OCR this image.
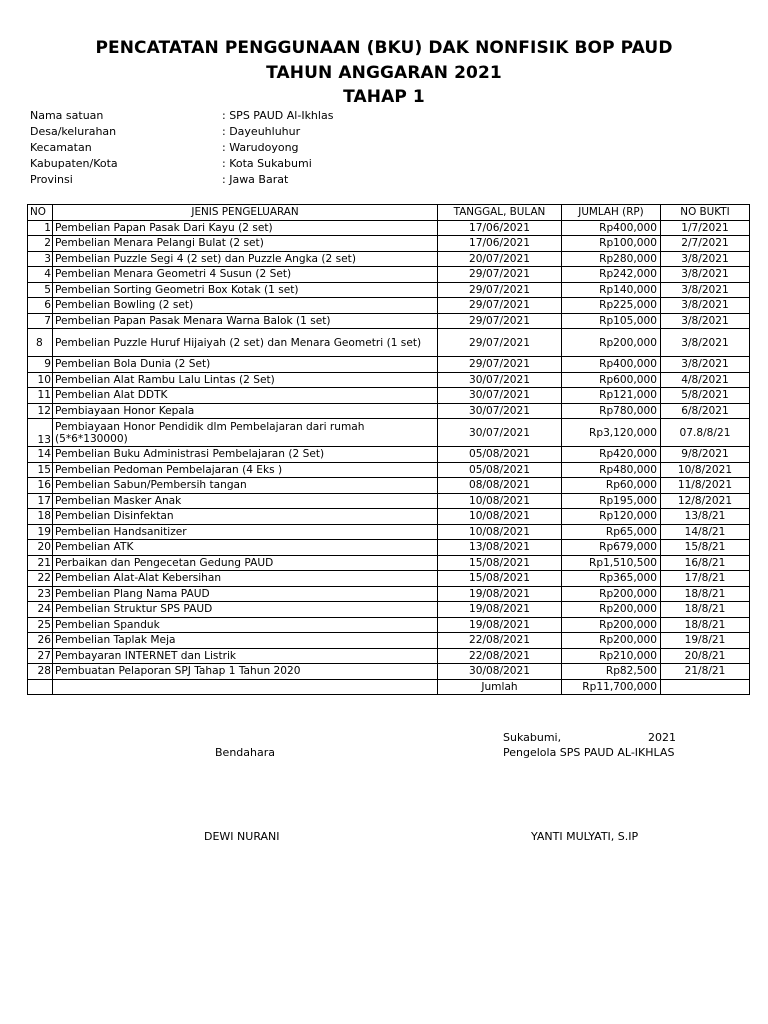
PENCATATAN PENGGUNAAN (BKU) DAK NONFISIK BOP PAUD
TAHUN ANGGARAN 2021
TAHAP 1
Nama satuan	: SPS PAUD Al-Ikhlas
Desa/kelurahan	: Dayeuhluhur
Kecamatan	: Warudoyong
Kabupaten/Kota	: Kota Sukabumi
Provinsi	: Jawa Barat
NO	JENIS PENGELUARAN	TANGGAL, BULAN	JUMLAH (RP)	NO BUKTI
1	Pembelian Papan Pasak Dari Kayu (2 set)	17/06/2021	Rp400,000	1/7/2021
2	Pembelian Menara Pelangi Bulat (2 set)	17/06/2021	Rp100,000	2/7/2021
3	Pembelian Puzzle Segi 4 (2 set) dan Puzzle Angka (2 set)	20/07/2021	Rp280,000	3/8/2021
4	Pembelian Menara Geometri 4 Susun (2 Set)	29/07/2021	Rp242,000	3/8/2021
5	Pembelian Sorting Geometri Box Kotak (1 set)	29/07/2021	Rp140,000	3/8/2021
6	Pembelian Bowling (2 set)	29/07/2021	Rp225,000	3/8/2021
7	Pembelian Papan Pasak Menara Warna Balok (1 set)	29/07/2021	Rp105,000	3/8/2021
8	Pembelian Puzzle Huruf Hijaiyah (2 set) dan Menara Geometri (1 set)	29/07/2021	Rp200,000	3/8/2021
9	Pembelian Bola Dunia (2 Set)	29/07/2021	Rp400,000	3/8/2021
10	Pembelian Alat Rambu Lalu Lintas (2 Set)	30/07/2021	Rp600,000	4/8/2021
11	Pembelian Alat DDTK	30/07/2021	Rp121,000	5/8/2021
12	Pembiayaan Honor Kepala	30/07/2021	Rp780,000	6/8/2021
13	Pembiayaan Honor Pendidik dlm Pembelajaran dari rumah (5*6*130000)	30/07/2021	Rp3,120,000	07.8/8/21
14	Pembelian Buku Administrasi Pembelajaran (2 Set)	05/08/2021	Rp420,000	9/8/2021
15	Pembelian Pedoman Pembelajaran (4 Eks )	05/08/2021	Rp480,000	10/8/2021
16	Pembelian Sabun/Pembersih tangan	08/08/2021	Rp60,000	11/8/2021
17	Pembelian Masker Anak	10/08/2021	Rp195,000	12/8/2021
18	Pembelian Disinfektan	10/08/2021	Rp120,000	13/8/21
19	Pembelian Handsanitizer	10/08/2021	Rp65,000	14/8/21
20	Pembelian ATK	13/08/2021	Rp679,000	15/8/21
21	Perbaikan dan Pengecetan Gedung PAUD	15/08/2021	Rp1,510,500	16/8/21
22	Pembelian Alat-Alat Kebersihan	15/08/2021	Rp365,000	17/8/21
23	Pembelian Plang Nama PAUD	19/08/2021	Rp200,000	18/8/21
24	Pembelian Struktur SPS PAUD	19/08/2021	Rp200,000	18/8/21
25	Pembelian Spanduk	19/08/2021	Rp200,000	18/8/21
26	Pembelian Taplak Meja	22/08/2021	Rp200,000	19/8/21
27	Pembayaran INTERNET dan Listrik	22/08/2021	Rp210,000	20/8/21
28	Pembuatan Pelaporan SPJ Tahap 1 Tahun 2020	30/08/2021	Rp82,500	21/8/21
		Jumlah	Rp11,700,000	
Sukabumi,	2021
Bendahara	Pengelola SPS PAUD AL-IKHLAS
DEWI NURANI	YANTI MULYATI, S.IP
